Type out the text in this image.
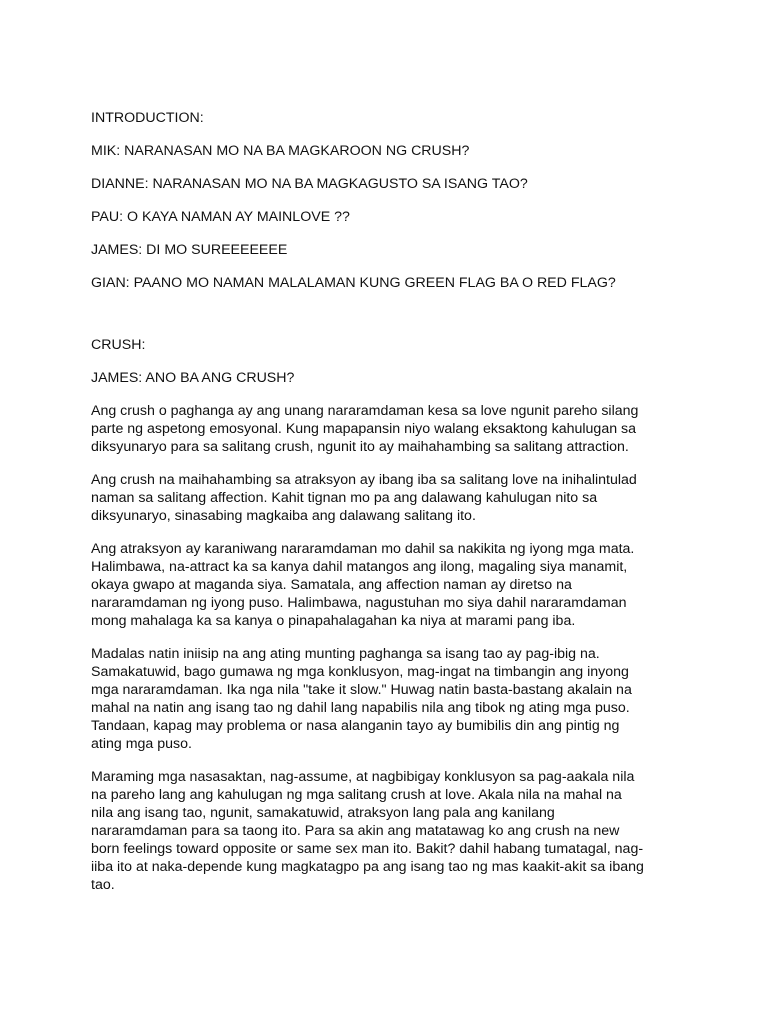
INTRODUCTION:
MIK: NARANASAN MO NA BA MAGKAROON NG CRUSH?
DIANNE: NARANASAN MO NA BA MAGKAGUSTO SA ISANG TAO?
PAU: O KAYA NAMAN AY MAINLOVE ??
JAMES: DI MO SUREEEEEEE
GIAN: PAANO MO NAMAN MALALAMAN KUNG GREEN FLAG BA O RED FLAG?
CRUSH:
JAMES: ANO BA ANG CRUSH?
Ang crush o paghanga ay ang unang nararamdaman kesa sa love ngunit pareho silang
parte ng aspetong emosyonal. Kung mapapansin niyo walang eksaktong kahulugan sa
diksyunaryo para sa salitang crush, ngunit ito ay maihahambing sa salitang attraction.
Ang crush na maihahambing sa atraksyon ay ibang iba sa salitang love na inihalintulad
naman sa salitang affection. Kahit tignan mo pa ang dalawang kahulugan nito sa
diksyunaryo, sinasabing magkaiba ang dalawang salitang ito.
Ang atraksyon ay karaniwang nararamdaman mo dahil sa nakikita ng iyong mga mata.
Halimbawa, na-attract ka sa kanya dahil matangos ang ilong, magaling siya manamit,
okaya gwapo at maganda siya. Samatala, ang affection naman ay diretso na
nararamdaman ng iyong puso. Halimbawa, nagustuhan mo siya dahil nararamdaman
mong mahalaga ka sa kanya o pinapahalagahan ka niya at marami pang iba.
Madalas natin iniisip na ang ating munting paghanga sa isang tao ay pag-ibig na.
Samakatuwid, bago gumawa ng mga konklusyon, mag-ingat na timbangin ang inyong
mga nararamdaman. Ika nga nila "take it slow." Huwag natin basta-bastang akalain na
mahal na natin ang isang tao ng dahil lang napabilis nila ang tibok ng ating mga puso.
Tandaan, kapag may problema or nasa alanganin tayo ay bumibilis din ang pintig ng
ating mga puso.
Maraming mga nasasaktan, nag-assume, at nagbibigay konklusyon sa pag-aakala nila
na pareho lang ang kahulugan ng mga salitang crush at love. Akala nila na mahal na
nila ang isang tao, ngunit, samakatuwid, atraksyon lang pala ang kanilang
nararamdaman para sa taong ito. Para sa akin ang matatawag ko ang crush na new
born feelings toward opposite or same sex man ito. Bakit? dahil habang tumatagal, nag-
iiba ito at naka-depende kung magkatagpo pa ang isang tao ng mas kaakit-akit sa ibang
tao.
